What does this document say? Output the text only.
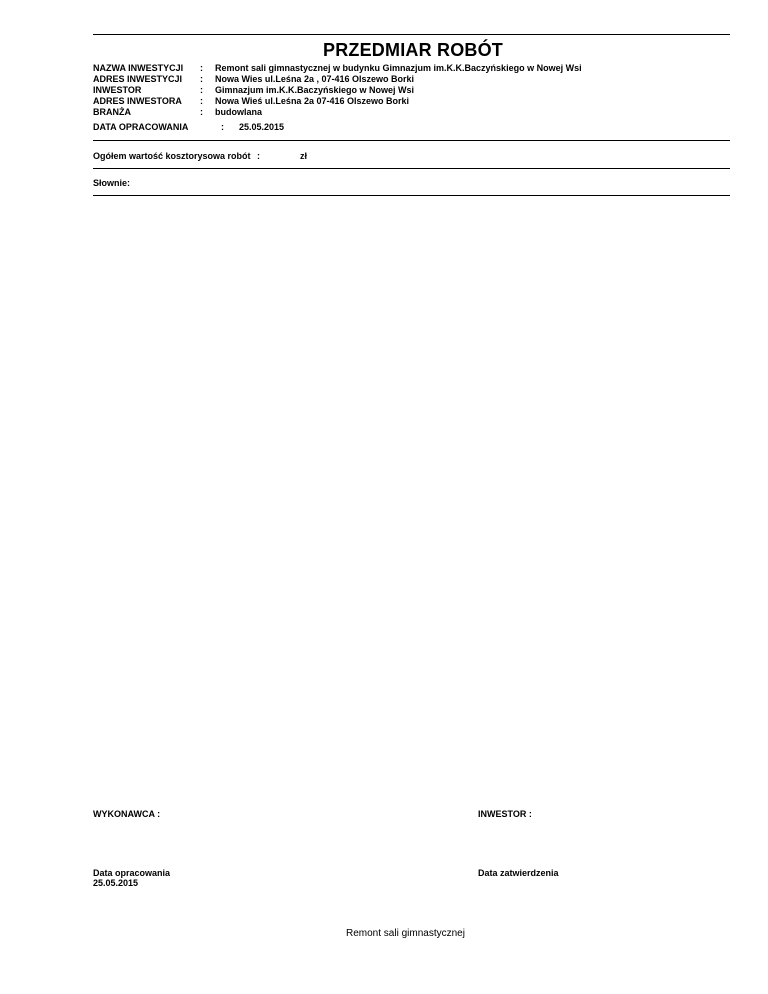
PRZEDMIAR ROBÓT
NAZWA INWESTYCJI	:	Remont sali gimnastycznej w budynku Gimnazjum im.K.K.Baczyńskiego w Nowej Wsi
ADRES INWESTYCJI	:	Nowa Wies ul.Leśna 2a , 07-416 Olszewo Borki
INWESTOR	:	Gimnazjum im.K.K.Baczyńskiego w Nowej Wsi
ADRES INWESTORA	:	Nowa Wieś ul.Leśna 2a 07-416 Olszewo Borki
BRANŻA	:	budowlana
DATA OPRACOWANIA	: 25.05.2015
Ogółem wartość kosztorysowa robót :	zł
Słownie:
WYKONAWCA :	INWESTOR :
Data opracowania
25.05.2015
Data zatwierdzenia
Remont sali gimnastycznej
